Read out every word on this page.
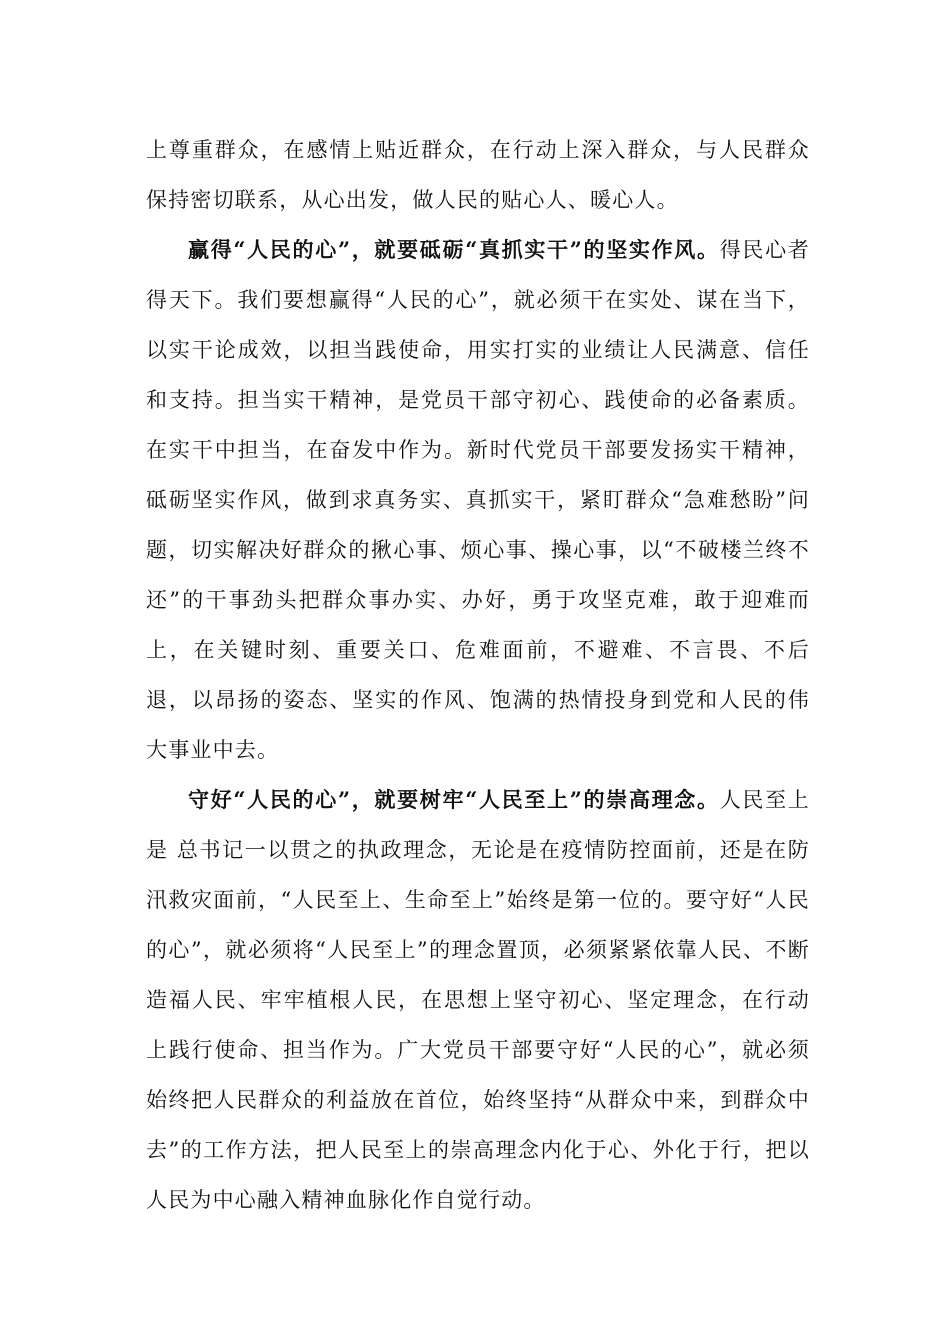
上尊重群众，在感情上贴近群众，在行动上深入群众，与人民群众保持密切联系，从心出发，做人民的贴心人、暖心人。

赢得“人民的心”，就要砥砺“真抓实干”的坚实作风。得民心者得天下。我们要想赢得“人民的心”，就必须干在实处、谋在当下，以实干论成效，以担当践使命，用实打实的业绩让人民满意、信任和支持。担当实干精神，是党员干部守初心、践使命的必备素质。在实干中担当，在奋发中作为。新时代党员干部要发扬实干精神，砥砺坚实作风，做到求真务实、真抓实干，紧盯群众“急难愁盼”问题，切实解决好群众的揪心事、烦心事、操心事，以“不破楼兰终不还”的干事劲头把群众事办实、办好，勇于攻坚克难，敢于迎难而上，在关键时刻、重要关口、危难面前，不避难、不言畏、不后退，以昂扬的姿态、坚实的作风、饱满的热情投身到党和人民的伟大事业中去。

守好“人民的心”，就要树牢“人民至上”的崇高理念。人民至上是 总书记一以贯之的执政理念，无论是在疫情防控面前，还是在防汛救灾面前，“人民至上、生命至上”始终是第一位的。要守好“人民的心”，就必须将“人民至上”的理念置顶，必须紧紧依靠人民、不断造福人民、牢牢植根人民，在思想上坚守初心、坚定理念，在行动上践行使命、担当作为。广大党员干部要守好“人民的心”，就必须始终把人民群众的利益放在首位，始终坚持“从群众中来，到群众中去”的工作方法，把人民至上的崇高理念内化于心、外化于行，把以人民为中心融入精神血脉化作自觉行动。
